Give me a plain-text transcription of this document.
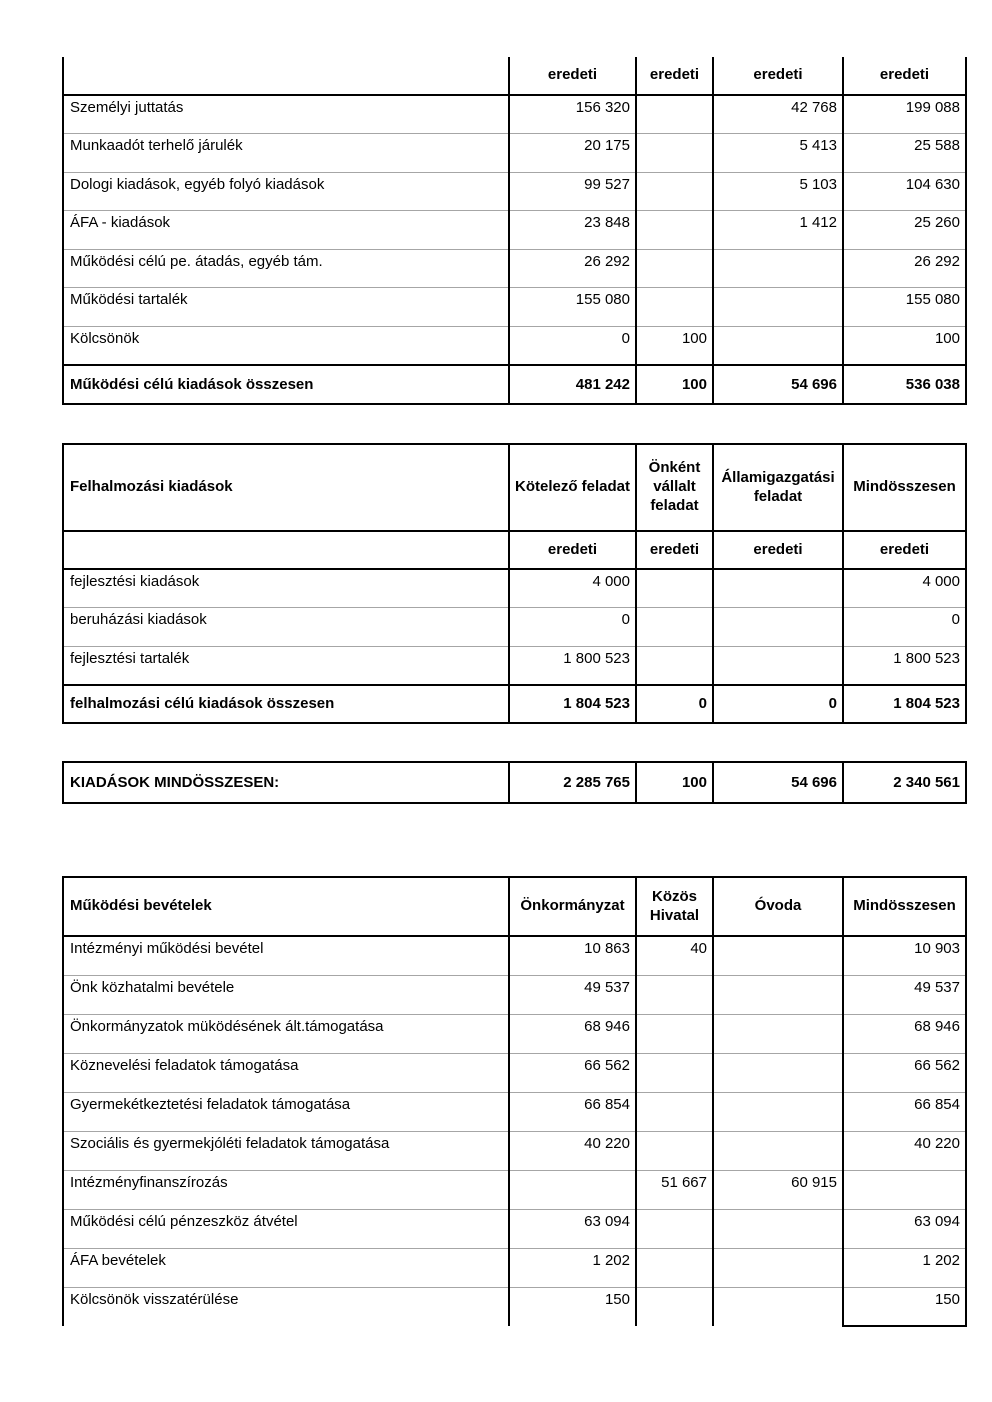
	eredeti	eredeti	eredeti	eredeti
Személyi juttatás	156 320		42 768	199 088
Munkaadót terhelő járulék	20 175		5 413	25 588
Dologi kiadások, egyéb folyó kiadások	99 527		5 103	104 630
ÁFA - kiadások	23 848		1 412	25 260
Működési célú pe. átadás, egyéb tám.	26 292			26 292
Működési tartalék	155 080			155 080
Kölcsönök	0	100		100
Működési célú kiadások összesen	481 242	100	54 696	536 038
Felhalmozási kiadások	Kötelező feladat	Önként vállalt feladat	Államigazgatási feladat	Mindösszesen
	eredeti	eredeti	eredeti	eredeti
fejlesztési kiadások	4 000			4 000
beruházási kiadások	0			0
fejlesztési tartalék	1 800 523			1 800 523
felhalmozási célú kiadások összesen	1 804 523	0	0	1 804 523
KIADÁSOK MINDÖSSZESEN:	2 285 765	100	54 696	2 340 561
Működési bevételek	Önkormányzat	Közös Hivatal	Óvoda	Mindösszesen
Intézményi működési bevétel	10 863	40		10 903
Önk közhatalmi bevétele	49 537			49 537
Önkormányzatok müködésének ált.támogatása	68 946			68 946
Köznevelési feladatok támogatása	66 562			66 562
Gyermekétkeztetési feladatok támogatása	66 854			66 854
Szociális és gyermekjóléti feladatok támogatása	40 220			40 220
Intézményfinanszírozás		51 667	60 915	
Működési célú pénzeszköz átvétel	63 094			63 094
ÁFA bevételek	1 202			1 202
Kölcsönök visszatérülése	150			150
